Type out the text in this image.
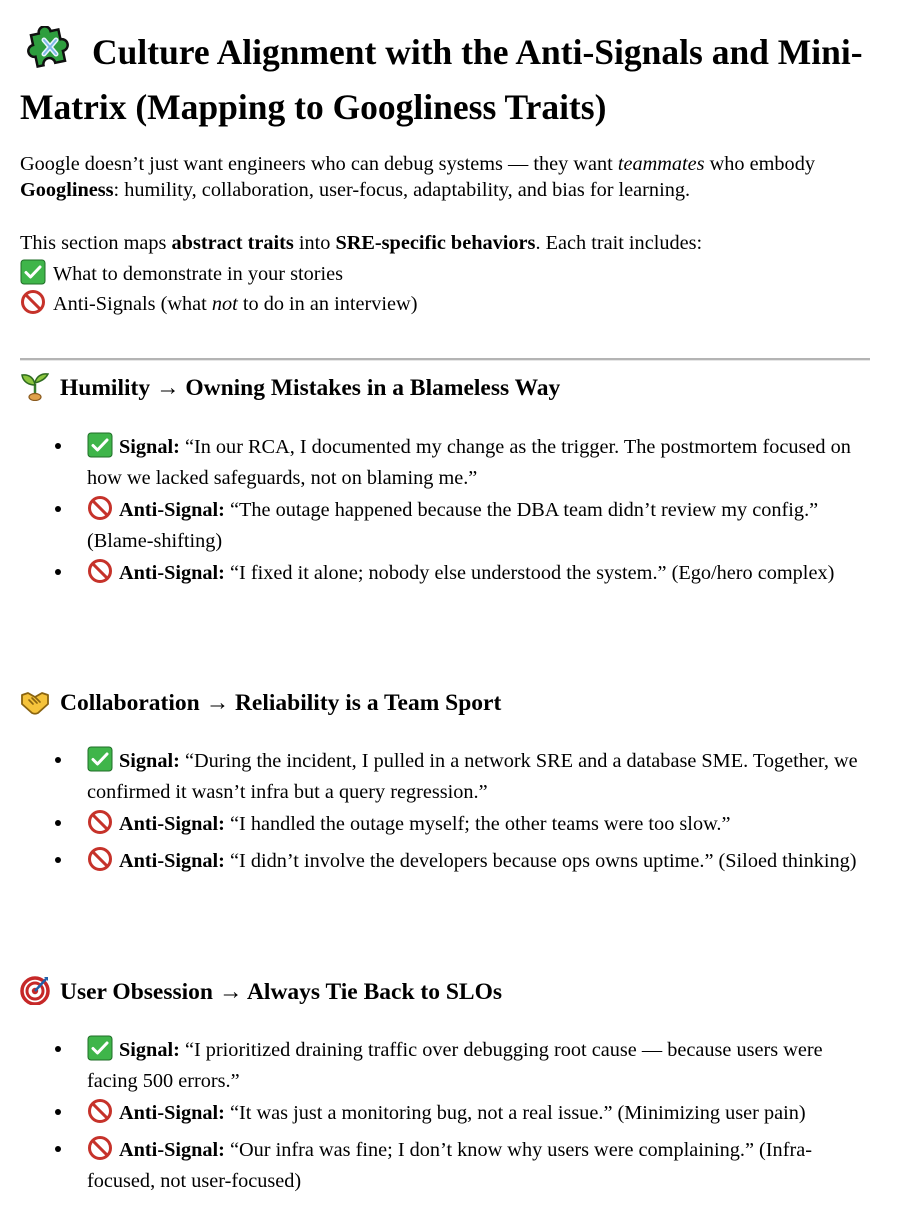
Culture Alignment with the Anti-Signals and Mini-Matrix (Mapping to Googliness Traits)

Google doesn’t just want engineers who can debug systems — they want teammates who embody Googliness: humility, collaboration, user-focus, adaptability, and bias for learning.

This section maps abstract traits into SRE-specific behaviors. Each trait includes:

What to demonstrate in your stories
Anti-Signals (what not to do in an interview)
Humility → Owning Mistakes in a Blameless Way
Signal: “In our RCA, I documented my change as the trigger. The postmortem focused on how we lacked safeguards, not on blaming me.”
Anti-Signal: “The outage happened because the DBA team didn’t review my config.” (Blame-shifting)
Anti-Signal: “I fixed it alone; nobody else understood the system.” (Ego/hero complex)
Collaboration → Reliability is a Team Sport
Signal: “During the incident, I pulled in a network SRE and a database SME. Together, we confirmed it wasn’t infra but a query regression.”
Anti-Signal: “I handled the outage myself; the other teams were too slow.”
Anti-Signal: “I didn’t involve the developers because ops owns uptime.” (Siloed thinking)
User Obsession → Always Tie Back to SLOs
Signal: “I prioritized draining traffic over debugging root cause — because users were facing 500 errors.”
Anti-Signal: “It was just a monitoring bug, not a real issue.” (Minimizing user pain)
Anti-Signal: “Our infra was fine; I don’t know why users were complaining.” (Infra-focused, not user-focused)
